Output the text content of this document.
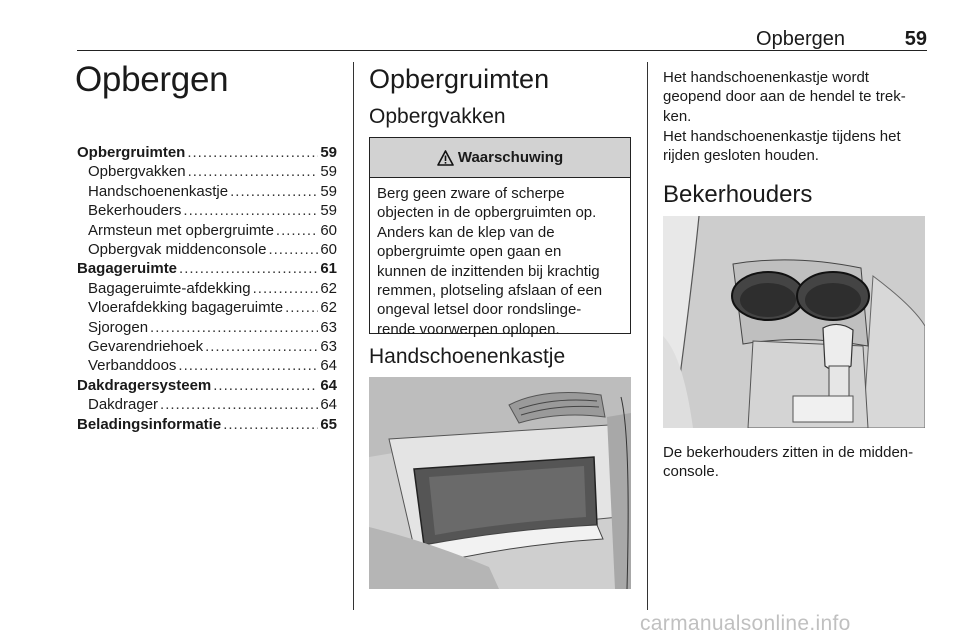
Opbergen	59
Opbergen
Opbergruimten .....	59
Opbergvakken .....	59
Handschoenenkastje .....	59
Bekerhouders .....	59
Armsteun met opbergruimte .....	60
Opbergvak middenconsole .....	60
Bagageruimte .....	61
Bagageruimte-afdekking .....	62
Vloerafdekking bagageruimte ..... 62
Sjorogen .....	63
Gevarendriehoek .....	63
Verbanddoos .....	64
Dakdragersysteem .....	64
Dakdrager .....	64
Beladingsinformatie .....	65
Opbergruimten
Opbergvakken
Waarschuwing
Berg geen zware of scherpe
objecten in de opbergruimten op.
Anders kan de klep van de
opbergruimte open gaan en
kunnen de inzittenden bij krachtig
remmen, plotseling afslaan of een
ongeval letsel door rondslinge-
rende voorwerpen oplopen.
Handschoenenkastje
Het handschoenenkastje wordt
geopend door aan de hendel te trek-
ken.
Het handschoenenkastje tijdens het
rijden gesloten houden.
Bekerhouders
De bekerhouders zitten in de midden-
console.
carmanualsonline.info
